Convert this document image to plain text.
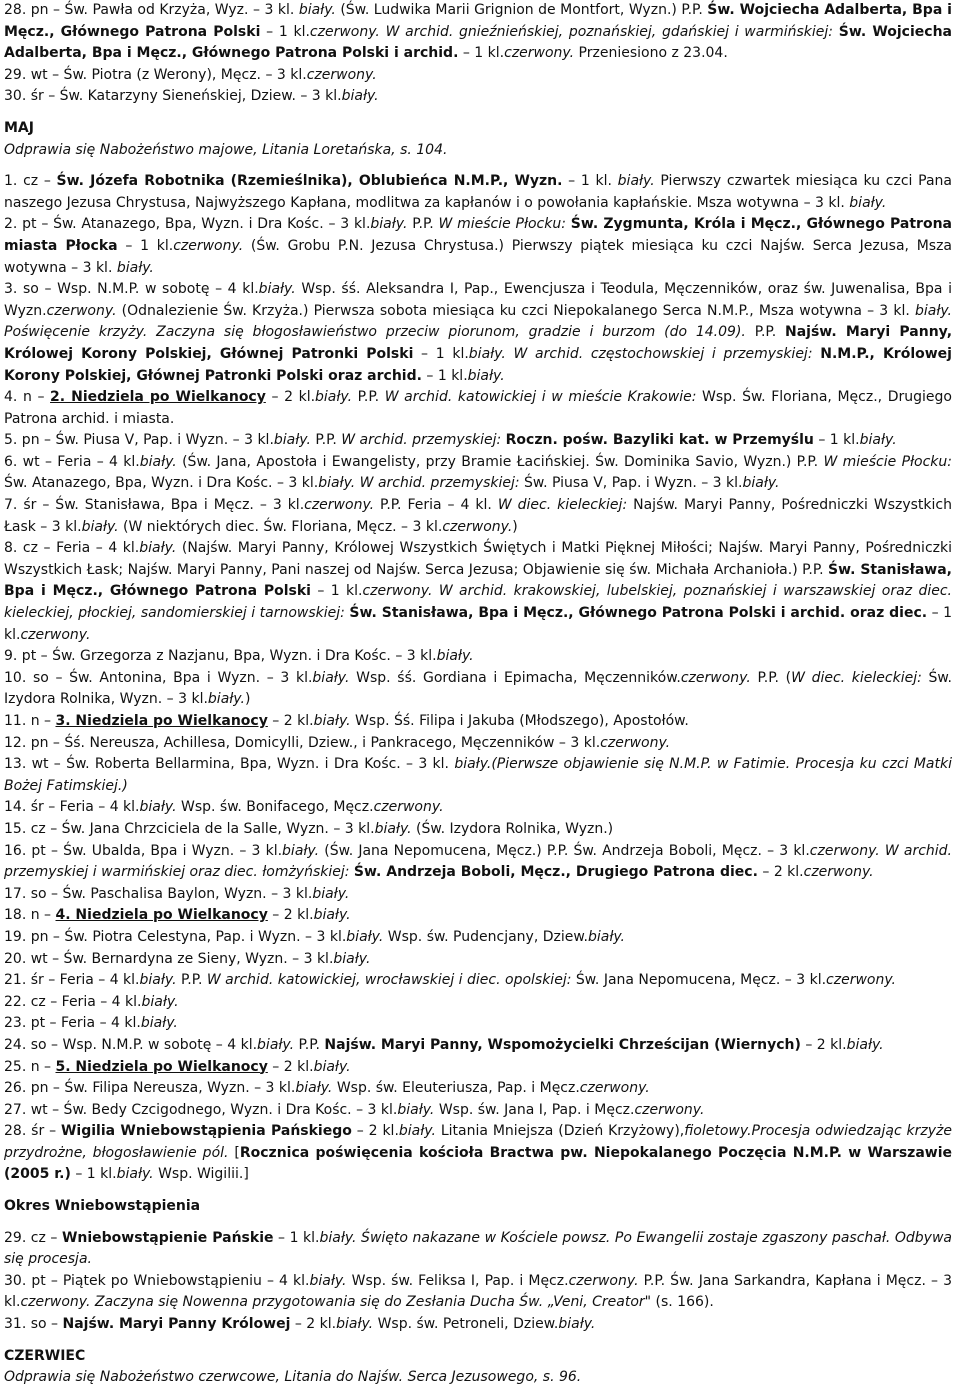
28. pn – Św. Pawła od Krzyża, Wyz. – 3 kl. biały. (Św. Ludwika Marii Grignion de Montfort, Wyzn.) P.P. Św. Wojciecha Adalberta, Bpa i Męcz., Głównego Patrona Polski – 1 kl.czerwony. W archid. gnieźnieńskiej, poznańskiej, gdańskiej i warmińskiej: Św. Wojciecha Adalberta, Bpa i Męcz., Głównego Patrona Polski i archid. – 1 kl.czerwony. Przeniesiono z 23.04.

29. wt – Św. Piotra (z Werony), Męcz. – 3 kl.czerwony.

30. śr – Św. Katarzyny Sieneńskiej, Dziew. – 3 kl.biały.

MAJ

Odprawia się Nabożeństwo majowe, Litania Loretańska, s. 104.

1. cz – Św. Józefa Robotnika (Rzemieślnika), Oblubieńca N.M.P., Wyzn. – 1 kl. biały. Pierwszy czwartek miesiąca ku czci Pana naszego Jezusa Chrystusa, Najwyższego Kapłana, modlitwa za kapłanów i o powołania kapłańskie. Msza wotywna – 3 kl. biały.

2. pt – Św. Atanazego, Bpa, Wyzn. i Dra Kośc. – 3 kl.biały. P.P. W mieście Płocku: Św. Zygmunta, Króla i Męcz., Głównego Patrona miasta Płocka – 1 kl.czerwony. (Św. Grobu P.N. Jezusa Chrystusa.) Pierwszy piątek miesiąca ku czci Najśw. Serca Jezusa, Msza wotywna – 3 kl. biały.

3. so – Wsp. N.M.P. w sobotę – 4 kl.biały. Wsp. śś. Aleksandra I, Pap., Ewencjusza i Teodula, Męczenników, oraz św. Juwenalisa, Bpa i Wyzn.czerwony. (Odnalezienie Św. Krzyża.) Pierwsza sobota miesiąca ku czci Niepokalanego Serca N.M.P., Msza wotywna – 3 kl. biały. Poświęcenie krzyży. Zaczyna się błogosławieństwo przeciw piorunom, gradzie i burzom (do 14.09). P.P. Najśw. Maryi Panny, Królowej Korony Polskiej, Głównej Patronki Polski – 1 kl.biały. W archid. częstochowskiej i przemyskiej: N.M.P., Królowej Korony Polskiej, Głównej Patronki Polski oraz archid. – 1 kl.biały.

4. n – 2. Niedziela po Wielkanocy – 2 kl.biały. P.P. W archid. katowickiej i w mieście Krakowie: Wsp. Św. Floriana, Męcz., Drugiego Patrona archid. i miasta.

5. pn – Św. Piusa V, Pap. i Wyzn. – 3 kl.biały. P.P. W archid. przemyskiej: Roczn. pośw. Bazyliki kat. w Przemyślu – 1 kl.biały.

6. wt – Feria – 4 kl.biały. (Św. Jana, Apostoła i Ewangelisty, przy Bramie Łacińskiej. Św. Dominika Savio, Wyzn.) P.P. W mieście Płocku: Św. Atanazego, Bpa, Wyzn. i Dra Kośc. – 3 kl.biały. W archid. przemyskiej: Św. Piusa V, Pap. i Wyzn. – 3 kl.biały.

7. śr – Św. Stanisława, Bpa i Męcz. – 3 kl.czerwony. P.P. Feria – 4 kl. W diec. kieleckiej: Najśw. Maryi Panny, Pośredniczki Wszystkich Łask – 3 kl.biały. (W niektórych diec. Św. Floriana, Męcz. – 3 kl.czerwony.)

8. cz – Feria – 4 kl.biały. (Najśw. Maryi Panny, Królowej Wszystkich Świętych i Matki Pięknej Miłości; Najśw. Maryi Panny, Pośredniczki Wszystkich Łask; Najśw. Maryi Panny, Pani naszej od Najśw. Serca Jezusa; Objawienie się św. Michała Archanioła.) P.P. Św. Stanisława, Bpa i Męcz., Głównego Patrona Polski – 1 kl.czerwony. W archid. krakowskiej, lubelskiej, poznańskiej i warszawskiej oraz diec. kieleckiej, płockiej, sandomierskiej i tarnowskiej: Św. Stanisława, Bpa i Męcz., Głównego Patrona Polski i archid. oraz diec. – 1 kl.czerwony.

9. pt – Św. Grzegorza z Nazjanu, Bpa, Wyzn. i Dra Kośc. – 3 kl.biały.

10. so – Św. Antonina, Bpa i Wyzn. – 3 kl.biały. Wsp. śś. Gordiana i Epimacha, Męczenników.czerwony. P.P. (W diec. kieleckiej: Św. Izydora Rolnika, Wyzn. – 3 kl.biały.)

11. n – 3. Niedziela po Wielkanocy – 2 kl.biały. Wsp. Śś. Filipa i Jakuba (Młodszego), Apostołów.

12. pn – Śś. Nereusza, Achillesa, Domicylli, Dziew., i Pankracego, Męczenników – 3 kl.czerwony.

13. wt – Św. Roberta Bellarmina, Bpa, Wyzn. i Dra Kośc. – 3 kl. biały.(Pierwsze objawienie się N.M.P. w Fatimie. Procesja ku czci Matki Bożej Fatimskiej.)

14. śr – Feria – 4 kl.biały. Wsp. św. Bonifacego, Męcz.czerwony.

15. cz – Św. Jana Chrzciciela de la Salle, Wyzn. – 3 kl.biały. (Św. Izydora Rolnika, Wyzn.)

16. pt – Św. Ubalda, Bpa i Wyzn. – 3 kl.biały. (Św. Jana Nepomucena, Męcz.) P.P. Św. Andrzeja Boboli, Męcz. – 3 kl.czerwony. W archid. przemyskiej i warmińskiej oraz diec. łomżyńskiej: Św. Andrzeja Boboli, Męcz., Drugiego Patrona diec. – 2 kl.czerwony.

17. so – Św. Paschalisa Baylon, Wyzn. – 3 kl.biały.

18. n – 4. Niedziela po Wielkanocy – 2 kl.biały.

19. pn – Św. Piotra Celestyna, Pap. i Wyzn. – 3 kl.biały. Wsp. św. Pudencjany, Dziew.biały.

20. wt – Św. Bernardyna ze Sieny, Wyzn. – 3 kl.biały.

21. śr – Feria – 4 kl.biały. P.P. W archid. katowickiej, wrocławskiej i diec. opolskiej: Św. Jana Nepomucena, Męcz. – 3 kl.czerwony.

22. cz – Feria – 4 kl.biały.

23. pt – Feria – 4 kl.biały.

24. so – Wsp. N.M.P. w sobotę – 4 kl.biały. P.P. Najśw. Maryi Panny, Wspomożycielki Chrześcijan (Wiernych) – 2 kl.biały.

25. n – 5. Niedziela po Wielkanocy – 2 kl.biały.

26. pn – Św. Filipa Nereusza, Wyzn. – 3 kl.biały. Wsp. św. Eleuteriusza, Pap. i Męcz.czerwony.

27. wt – Św. Bedy Czcigodnego, Wyzn. i Dra Kośc. – 3 kl.biały. Wsp. św. Jana I, Pap. i Męcz.czerwony.

28. śr – Wigilia Wniebowstąpienia Pańskiego – 2 kl.biały. Litania Mniejsza (Dzień Krzyżowy),fioletowy.Procesja odwiedzając krzyże przydrożne, błogosławienie pól. [Rocznica poświęcenia kościoła Bractwa pw. Niepokalanego Poczęcia N.M.P. w Warszawie (2005 r.) – 1 kl.biały. Wsp. Wigilii.]

Okres Wniebowstąpienia

29. cz – Wniebowstąpienie Pańskie – 1 kl.biały. Święto nakazane w Kościele powsz. Po Ewangelii zostaje zgaszony paschał. Odbywa się procesja.

30. pt – Piątek po Wniebowstąpieniu – 4 kl.biały. Wsp. św. Feliksa I, Pap. i Męcz.czerwony. P.P. Św. Jana Sarkandra, Kapłana i Męcz. – 3 kl.czerwony. Zaczyna się Nowenna przygotowania się do Zesłania Ducha Św. „Veni, Creator" (s. 166).

31. so – Najśw. Maryi Panny Królowej – 2 kl.biały. Wsp. św. Petroneli, Dziew.biały.

CZERWIEC

Odprawia się Nabożeństwo czerwcowe, Litania do Najśw. Serca Jezusowego, s. 96.
